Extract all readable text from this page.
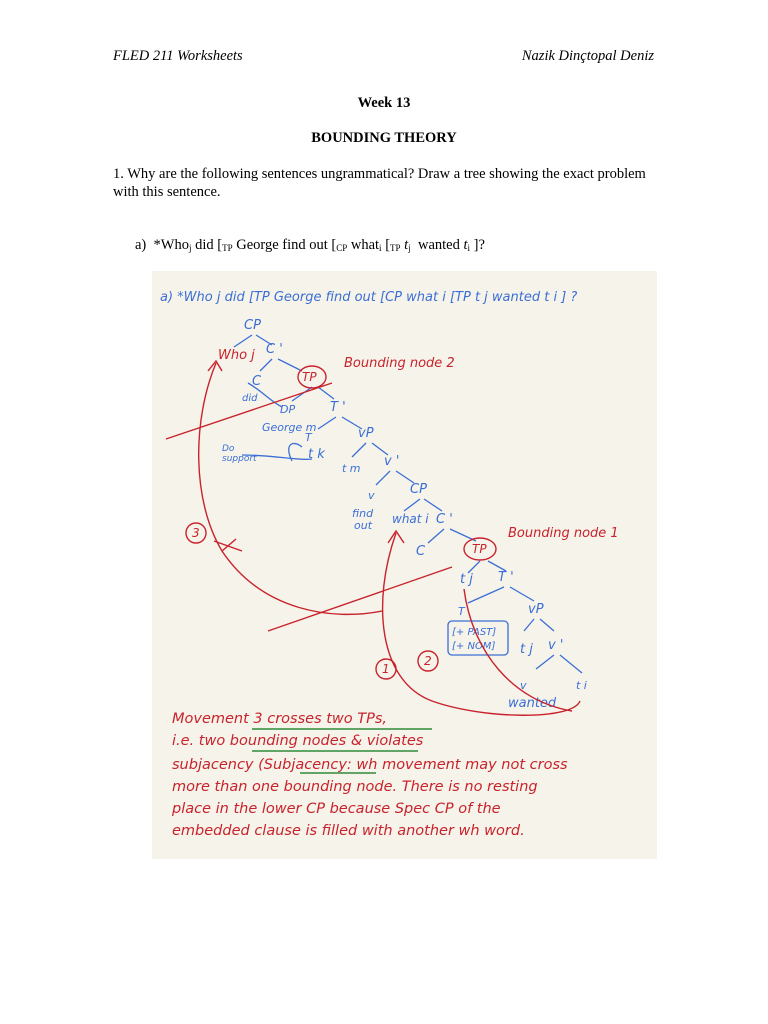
FLED 211 Worksheets	Nazik Dinçtopal Deniz
Week 13
BOUNDING THEORY
1. Why are the following sentences ungrammatical? Draw a tree showing the exact problem with this sentence.
a) *Who$_j$ did [$_{TP}$ George find out [$_{CP}$ what$_i$ [$_{TP}$ $t_j$  wanted $t_i$ ]?
a) *Who j did [TP George find out [CP what i [TP t j wanted t i ] ?
CP
Who j C '
C
did
TP
Bounding node 2
DP	T '
George m
T
Do
support
vP
t k
t m v '
v	CP
find
out what i C '
C	TP
Bounding node 1
t j T '
T
[+ PAST]
[+ NOM]
vP
t j v '
v	t i
wanted
3
1
2
Movement 3 crosses two TPs,
i.e. two bounding nodes & violates
subjacency (Subjacency: wh movement may not cross
more than one bounding node. There is no resting
place in the lower CP because Spec CP of the
embedded clause is filled with another wh word.
